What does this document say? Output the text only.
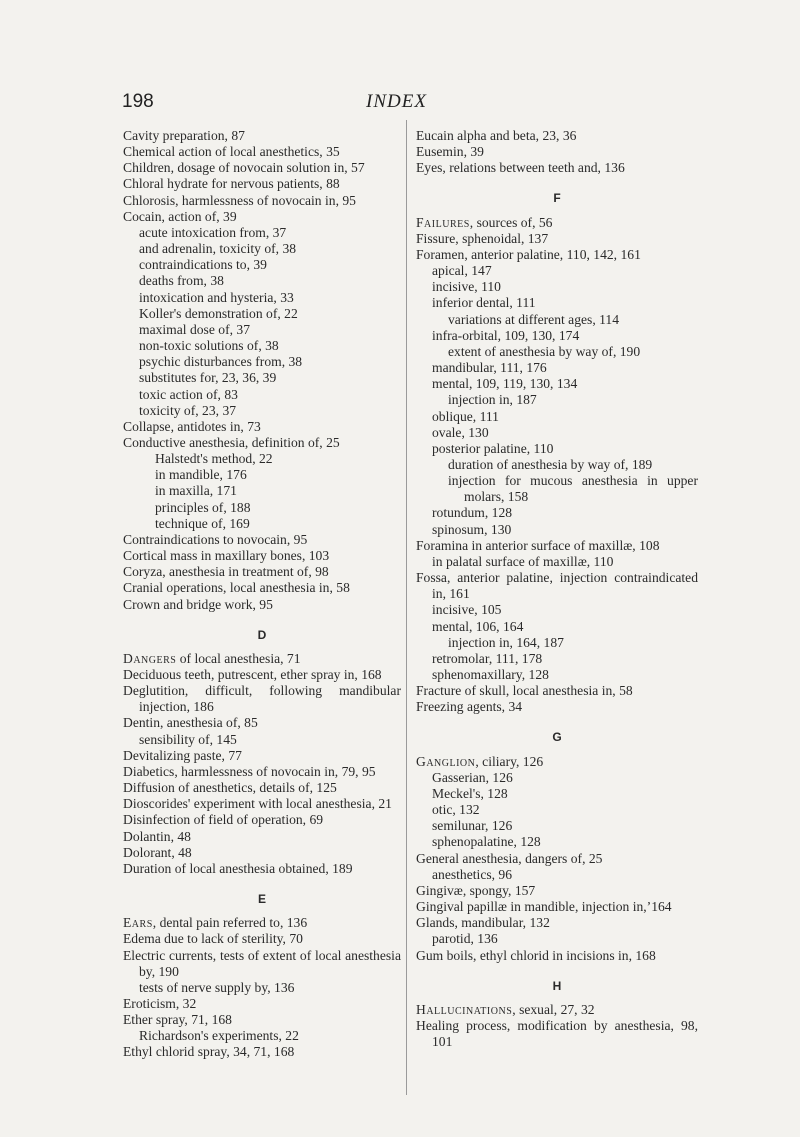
198	INDEX
Cavity preparation, 87
Chemical action of local anesthetics, 35
Children, dosage of novocain solution in, 57
Chloral hydrate for nervous patients, 88
Chlorosis, harmlessness of novocain in, 95
Cocain, action of, 39
acute intoxication from, 37
and adrenalin, toxicity of, 38
contraindications to, 39
deaths from, 38
intoxication and hysteria, 33
Koller's demonstration of, 22
maximal dose of, 37
non-toxic solutions of, 38
psychic disturbances from, 38
substitutes for, 23, 36, 39
toxic action of, 83
toxicity of, 23, 37
Collapse, antidotes in, 73
Conductive anesthesia, definition of, 25
Halstedt's method, 22
in mandible, 176
in maxilla, 171
principles of, 188
technique of, 169
Contraindications to novocain, 95
Cortical mass in maxillary bones, 103
Coryza, anesthesia in treatment of, 98
Cranial operations, local anesthesia in, 58
Crown and bridge work, 95
D
Dangers of local anesthesia, 71
Deciduous teeth, putrescent, ether spray in, 168
Deglutition, difficult, following mandibular injection, 186
Dentin, anesthesia of, 85
sensibility of, 145
Devitalizing paste, 77
Diabetics, harmlessness of novocain in, 79, 95
Diffusion of anesthetics, details of, 125
Dioscorides' experiment with local anesthesia, 21
Disinfection of field of operation, 69
Dolantin, 48
Dolorant, 48
Duration of local anesthesia obtained, 189
E
Ears, dental pain referred to, 136
Edema due to lack of sterility, 70
Electric currents, tests of extent of local anesthesia by, 190
tests of nerve supply by, 136
Eroticism, 32
Ether spray, 71, 168
Richardson's experiments, 22
Ethyl chlorid spray, 34, 71, 168
Eucain alpha and beta, 23, 36
Eusemin, 39
Eyes, relations between teeth and, 136
F
Failures, sources of, 56
Fissure, sphenoidal, 137
Foramen, anterior palatine, 110, 142, 161
apical, 147
incisive, 110
inferior dental, 111
variations at different ages, 114
infra-orbital, 109, 130, 174
extent of anesthesia by way of, 190
mandibular, 111, 176
mental, 109, 119, 130, 134
injection in, 187
oblique, 111
ovale, 130
posterior palatine, 110
duration of anesthesia by way of, 189
injection for mucous anesthesia in upper molars, 158
rotundum, 128
spinosum, 130
Foramina in anterior surface of maxillæ, 108
in palatal surface of maxillæ, 110
Fossa, anterior palatine, injection contraindicated in, 161
incisive, 105
mental, 106, 164
injection in, 164, 187
retromolar, 111, 178
sphenomaxillary, 128
Fracture of skull, local anesthesia in, 58
Freezing agents, 34
G
Ganglion, ciliary, 126
Gasserian, 126
Meckel's, 128
otic, 132
semilunar, 126
sphenopalatine, 128
General anesthesia, dangers of, 25
anesthetics, 96
Gingivæ, spongy, 157
Gingival papillæ in mandible, injection in,ʼ164
Glands, mandibular, 132
parotid, 136
Gum boils, ethyl chlorid in incisions in, 168
H
Hallucinations, sexual, 27, 32
Healing process, modification by anesthesia, 98, 101
